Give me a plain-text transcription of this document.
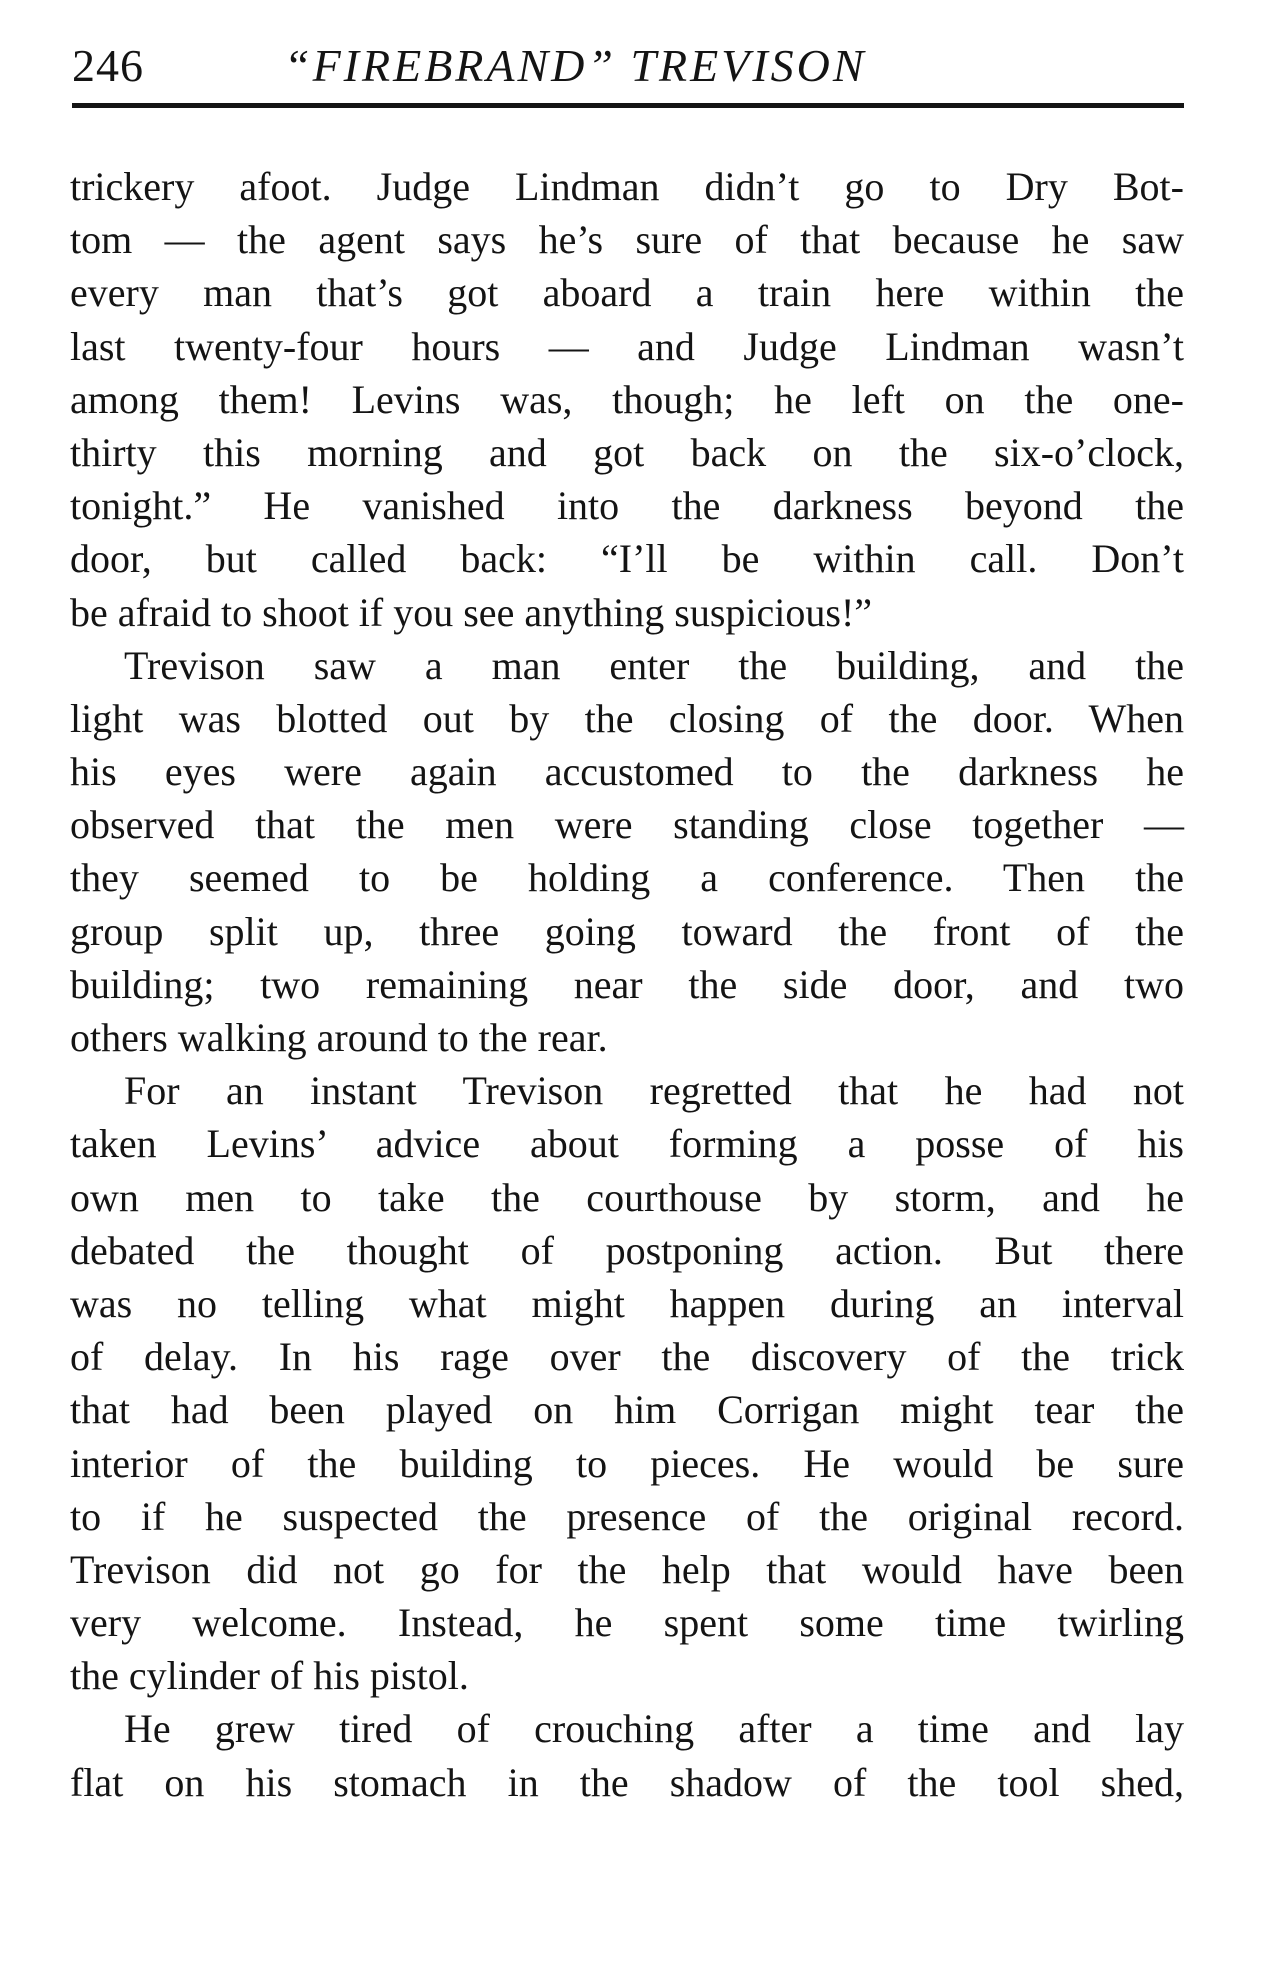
246	“FIREBRAND” TREVISON
trickery afoot. Judge Lindman didn’t go to Dry Bot-
tom — the agent says he’s sure of that because he saw
every man that’s got aboard a train here within the
last twenty-four hours — and Judge Lindman wasn’t
among them! Levins was, though; he left on the one-
thirty this morning and got back on the six-o’clock,
tonight.” He vanished into the darkness beyond the
door, but called back: “I’ll be within call. Don’t
be afraid to shoot if you see anything suspicious!”
Trevison saw a man enter the building, and the
light was blotted out by the closing of the door. When
his eyes were again accustomed to the darkness he
observed that the men were standing close together —
they seemed to be holding a conference. Then the
group split up, three going toward the front of the
building; two remaining near the side door, and two
others walking around to the rear.
For an instant Trevison regretted that he had not
taken Levins’ advice about forming a posse of his
own men to take the courthouse by storm, and he
debated the thought of postponing action. But there
was no telling what might happen during an interval
of delay. In his rage over the discovery of the trick
that had been played on him Corrigan might tear the
interior of the building to pieces. He would be sure
to if he suspected the presence of the original record.
Trevison did not go for the help that would have been
very welcome. Instead, he spent some time twirling
the cylinder of his pistol.
He grew tired of crouching after a time and lay
flat on his stomach in the shadow of the tool shed,
